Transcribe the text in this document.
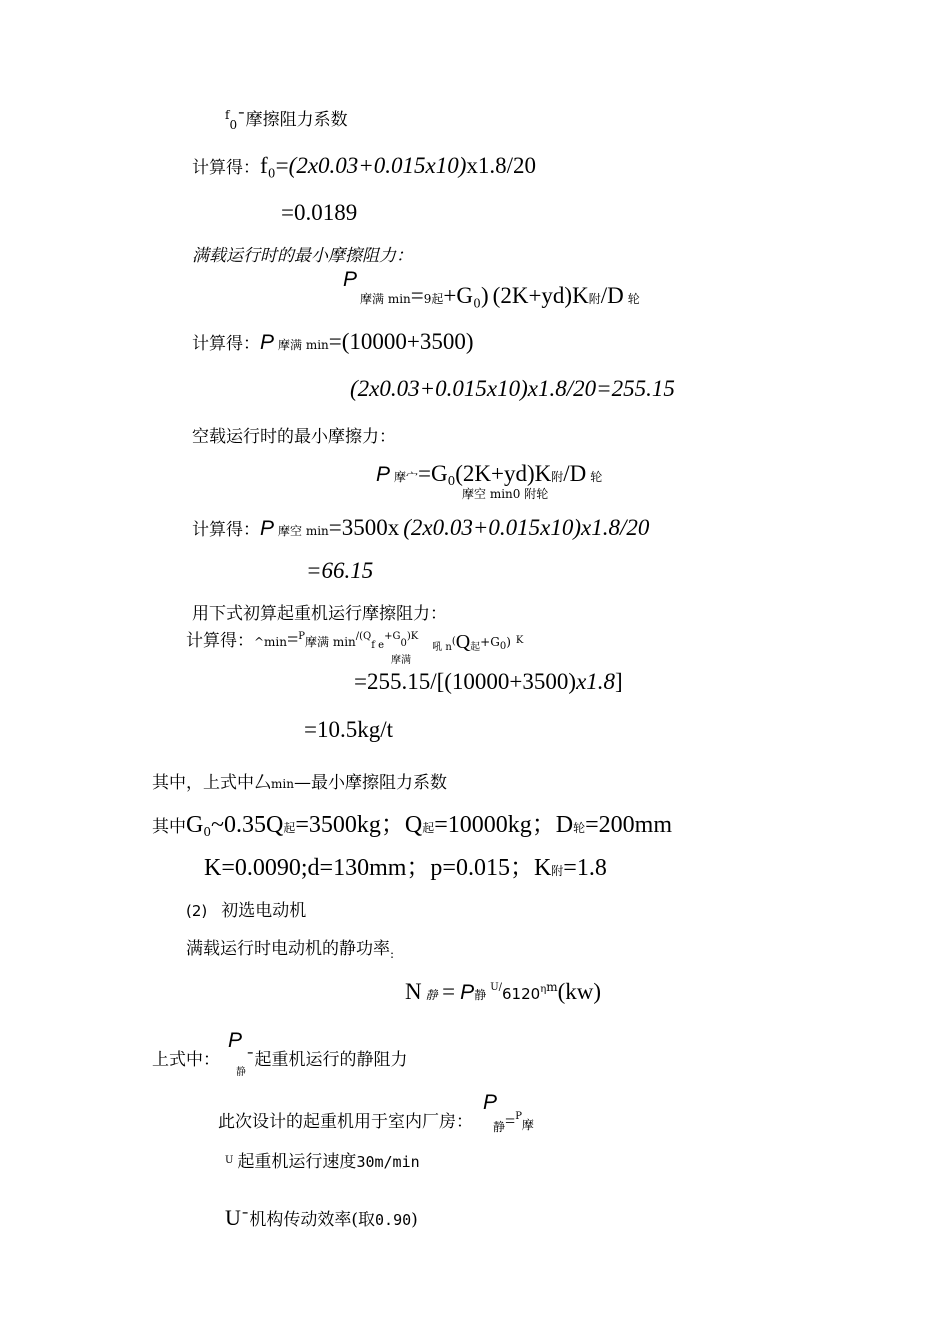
$^f_0$¯摩擦阻力系数
计算得：f₀=(2x0.03+0.015x10)x1.8/20
=0.0189
满载运行时的最小摩擦阻力：
P
摩满 min=9起+G₀) (2K+yd)K附/D 轮
计算得：P 摩满 min=(10000+3500)
(2x0.03+0.015x10)x1.8/20=255.15
空载运行时的最小摩擦力：
P摩宀$=G_0(2K+yd)K$附/D 轮
摩空 min0 附轮
计算得：P 摩空 min=3500x (2x0.03+0.015x10)x1.8/20
=66.15
用下式初算起重机运行摩擦阻力：
计算得：^min=$^P$摩满 $\min^{/(Q}f$ $e^{+G}0^{)K}_{吼 n}(Q_起+G0)$ K
摩满
=255.15/[(10000+3500)x1.8]
=10.5kg/t
其中，上式中厶min—最小摩擦阻力系数
其中$G_0\sim 0.35Q$起=3500kg；Q起=10000kg；D轮=200mm
K=0.0090;d=130mm；p=0.015；K附=1.8
(2) 初选电动机
满载运行时电动机的静功率$_:$
N静 = P静$^{U/}6120^{\eta m}(kw)$
上式中：$P_静¯$起重机运行的静阻力
此次设计的起重机用于室内厂房：$P_静=_{P摩}$
$^U$ 起重机运行速度30m/min
U¯机构传动效率(取0.90)
